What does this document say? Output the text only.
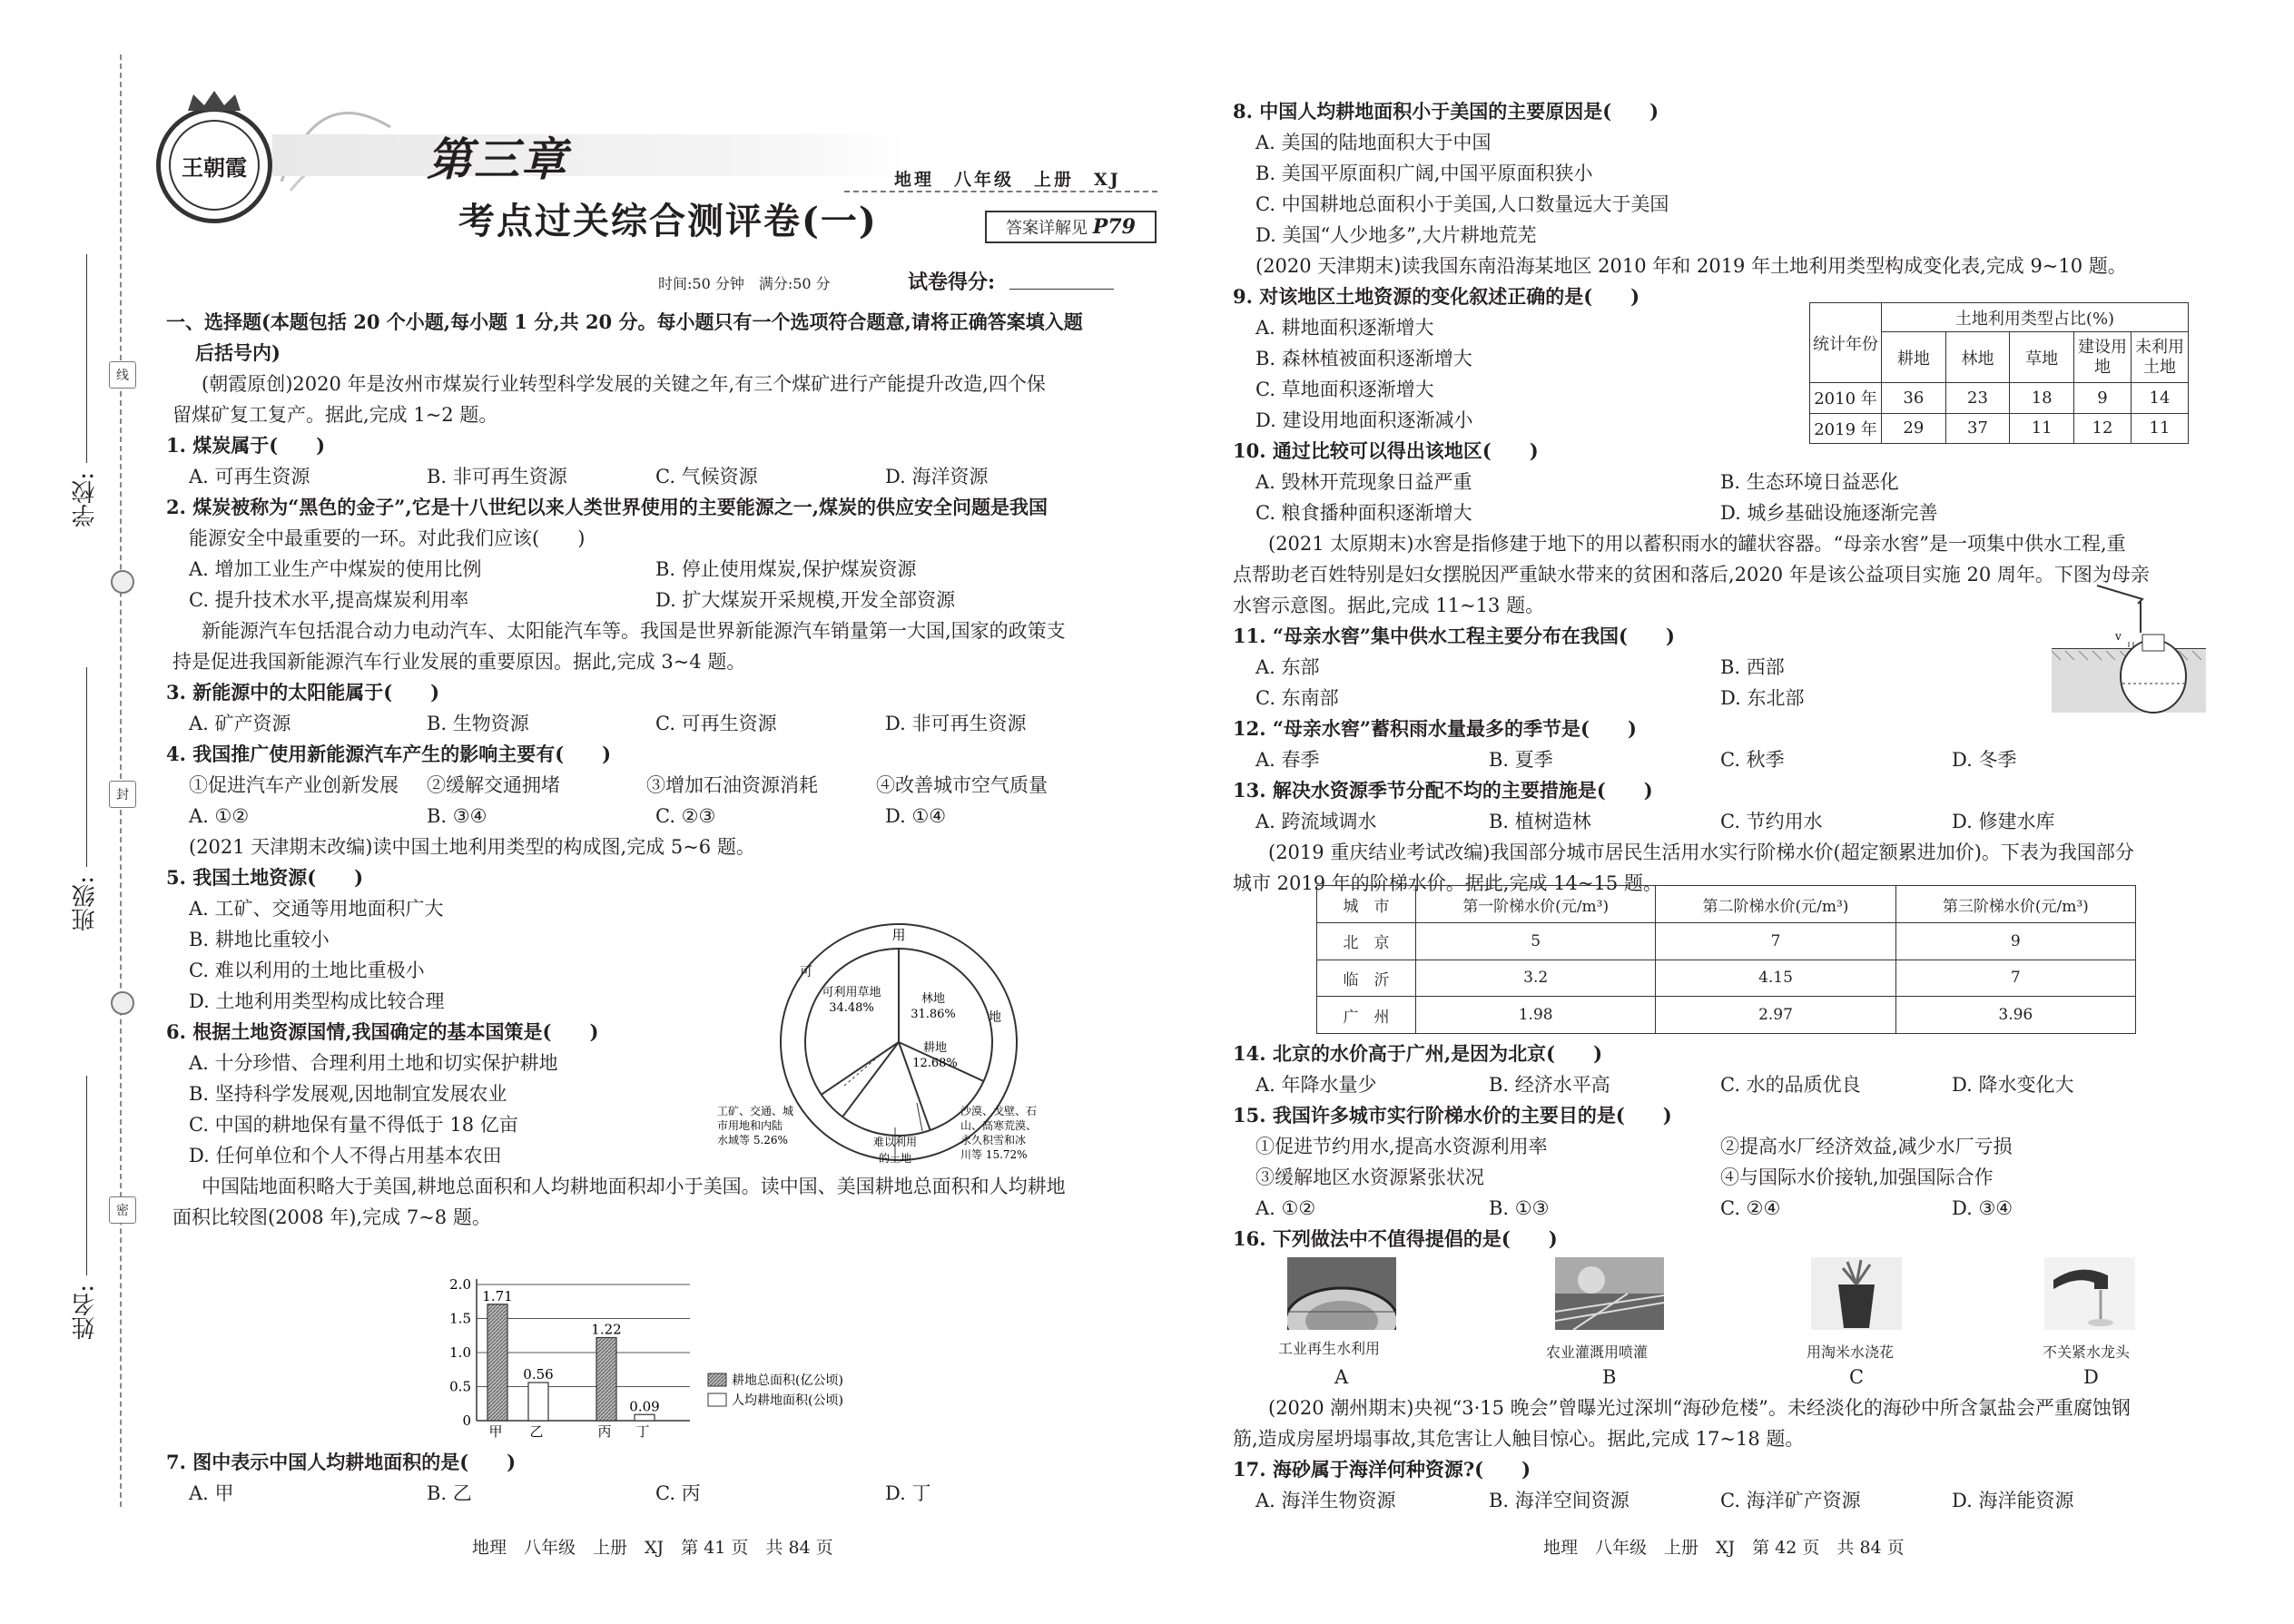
学校:
班级:
姓名:
线
封
密
王朝霞	第三章
考点过关综合测评卷(一)
地理　八年级　上册　XJ
答案详解见 P79
时间:50 分钟　满分:50 分	试卷得分:
一、选择题(本题包括 20 个小题,每小题 1 分,共 20 分。每小题只有一个选项符合题意,请将正确答案填入题
后括号内)
(朝霞原创)2020 年是汝州市煤炭行业转型科学发展的关键之年,有三个煤矿进行产能提升改造,四个保
留煤矿复工复产。据此,完成 1~2 题。
1. 煤炭属于(　　)
A. 可再生资源	B. 非可再生资源	C. 气候资源	D. 海洋资源
2. 煤炭被称为“黑色的金子”,它是十八世纪以来人类世界使用的主要能源之一,煤炭的供应安全问题是我国
能源安全中最重要的一环。对此我们应该(　　)
A. 增加工业生产中煤炭的使用比例	B. 停止使用煤炭,保护煤炭资源
C. 提升技术水平,提高煤炭利用率	D. 扩大煤炭开采规模,开发全部资源
新能源汽车包括混合动力电动汽车、太阳能汽车等。我国是世界新能源汽车销量第一大国,国家的政策支
持是促进我国新能源汽车行业发展的重要原因。据此,完成 3~4 题。
3. 新能源中的太阳能属于(　　)
A. 矿产资源	B. 生物资源	C. 可再生资源	D. 非可再生资源
4. 我国推广使用新能源汽车产生的影响主要有(　　)
①促进汽车产业创新发展 ②缓解交通拥堵	③增加石油资源消耗	④改善城市空气质量
A. ①②	B. ③④	C. ②③	D. ①④
(2021 天津期末改编)读中国土地利用类型的构成图,完成 5~6 题。
5. 我国土地资源(　　)
A. 工矿、交通等用地面积广大
B. 耕地比重较小
C. 难以利用的土地比重极小
D. 土地利用类型构成比较合理
6. 根据土地资源国情,我国确定的基本国策是(　　)
A. 十分珍惜、合理利用土地和切实保护耕地
B. 坚持科学发展观,因地制宜发展农业
C. 中国的耕地保有量不得低于 18 亿亩
D. 任何单位和个人不得占用基本农田
中国陆地面积略大于美国,耕地总面积和人均耕地面积却小于美国。读中国、美国耕地总面积和人均耕地
面积比较图(2008 年),完成 7~8 题。
用
可
地
可利用草地
34.48%
林地
31.86%
耕地
12.68%
工矿、交通、城
市用地和内陆
水域等 5.26%
沙漠、戈壁、石
山、高寒荒漠、
永久积雪和冰
川等 15.72%
难以利用
的土地
0
0.5
1.0
1.5
2.0
1.71
甲
0.56
乙
1.22
丙
0.09
丁
耕地总面积(亿公顷)
人均耕地面积(公顷)
7. 图中表示中国人均耕地面积的是(　　)
A. 甲	B. 乙	C. 丙	D. 丁
地理　八年级　上册　XJ　第 41 页　共 84 页
8. 中国人均耕地面积小于美国的主要原因是(　　)
A. 美国的陆地面积大于中国
B. 美国平原面积广阔,中国平原面积狭小
C. 中国耕地总面积小于美国,人口数量远大于美国
D. 美国“人少地多”,大片耕地荒芜
(2020 天津期末)读我国东南沿海某地区 2010 年和 2019 年土地利用类型构成变化表,完成 9~10 题。
9. 对该地区土地资源的变化叙述正确的是(　　)
A. 耕地面积逐渐增大
B. 森林植被面积逐渐增大
C. 草地面积逐渐增大
D. 建设用地面积逐渐减小
统计年份	土地利用类型占比(%)				
	耕地	林地	草地	建设用地	未利用土地
2010 年	36	23	18	9	14
2019 年	29	37	11	12	11
10. 通过比较可以得出该地区(　　)
A. 毁林开荒现象日益严重	B. 生态环境日益恶化
C. 粮食播种面积逐渐增大	D. 城乡基础设施逐渐完善
(2021 太原期末)水窖是指修建于地下的用以蓄积雨水的罐状容器。“母亲水窖”是一项集中供水工程,重
点帮助老百姓特别是妇女摆脱因严重缺水带来的贫困和落后,2020 年是该公益项目实施 20 周年。下图为母亲
水窖示意图。据此,完成 11~13 题。
11. “母亲水窖”集中供水工程主要分布在我国(　　)
A. 东部	B. 西部
C. 东南部	D. 东北部
v
12. “母亲水窖”蓄积雨水量最多的季节是(　　)
A. 春季	B. 夏季	C. 秋季	D. 冬季
13. 解决水资源季节分配不均的主要措施是(　　)
A. 跨流域调水	B. 植树造林	C. 节约用水	D. 修建水库
(2019 重庆结业考试改编)我国部分城市居民生活用水实行阶梯水价(超定额累进加价)。下表为我国部分
城市 2019 年的阶梯水价。据此,完成 14~15 题。
城　市	第一阶梯水价(元/m³)	第二阶梯水价(元/m³)	第三阶梯水价(元/m³)
北　京	5	7	9
临　沂	3.2	4.15	7
广　州	1.98	2.97	3.96
14. 北京的水价高于广州,是因为北京(　　)
A. 年降水量少	B. 经济水平高	C. 水的品质优良	D. 降水变化大
15. 我国许多城市实行阶梯水价的主要目的是(　　)
①促进节约用水,提高水资源利用率	②提高水厂经济效益,减少水厂亏损
③缓解地区水资源紧张状况	④与国际水价接轨,加强国际合作
A. ①②	B. ①③	C. ②④	D. ③④
16. 下列做法中不值得提倡的是(　　)
工业再生水利用	农业灌溉用喷灌	用淘米水浇花	不关紧水龙头
A	B	C	D
(2020 潮州期末)央视“3·15 晚会”曾曝光过深圳“海砂危楼”。未经淡化的海砂中所含氯盐会严重腐蚀钢
筋,造成房屋坍塌事故,其危害让人触目惊心。据此,完成 17~18 题。
17. 海砂属于海洋何种资源?(　　)
A. 海洋生物资源	B. 海洋空间资源	C. 海洋矿产资源	D. 海洋能资源
地理　八年级　上册　XJ　第 42 页　共 84 页
